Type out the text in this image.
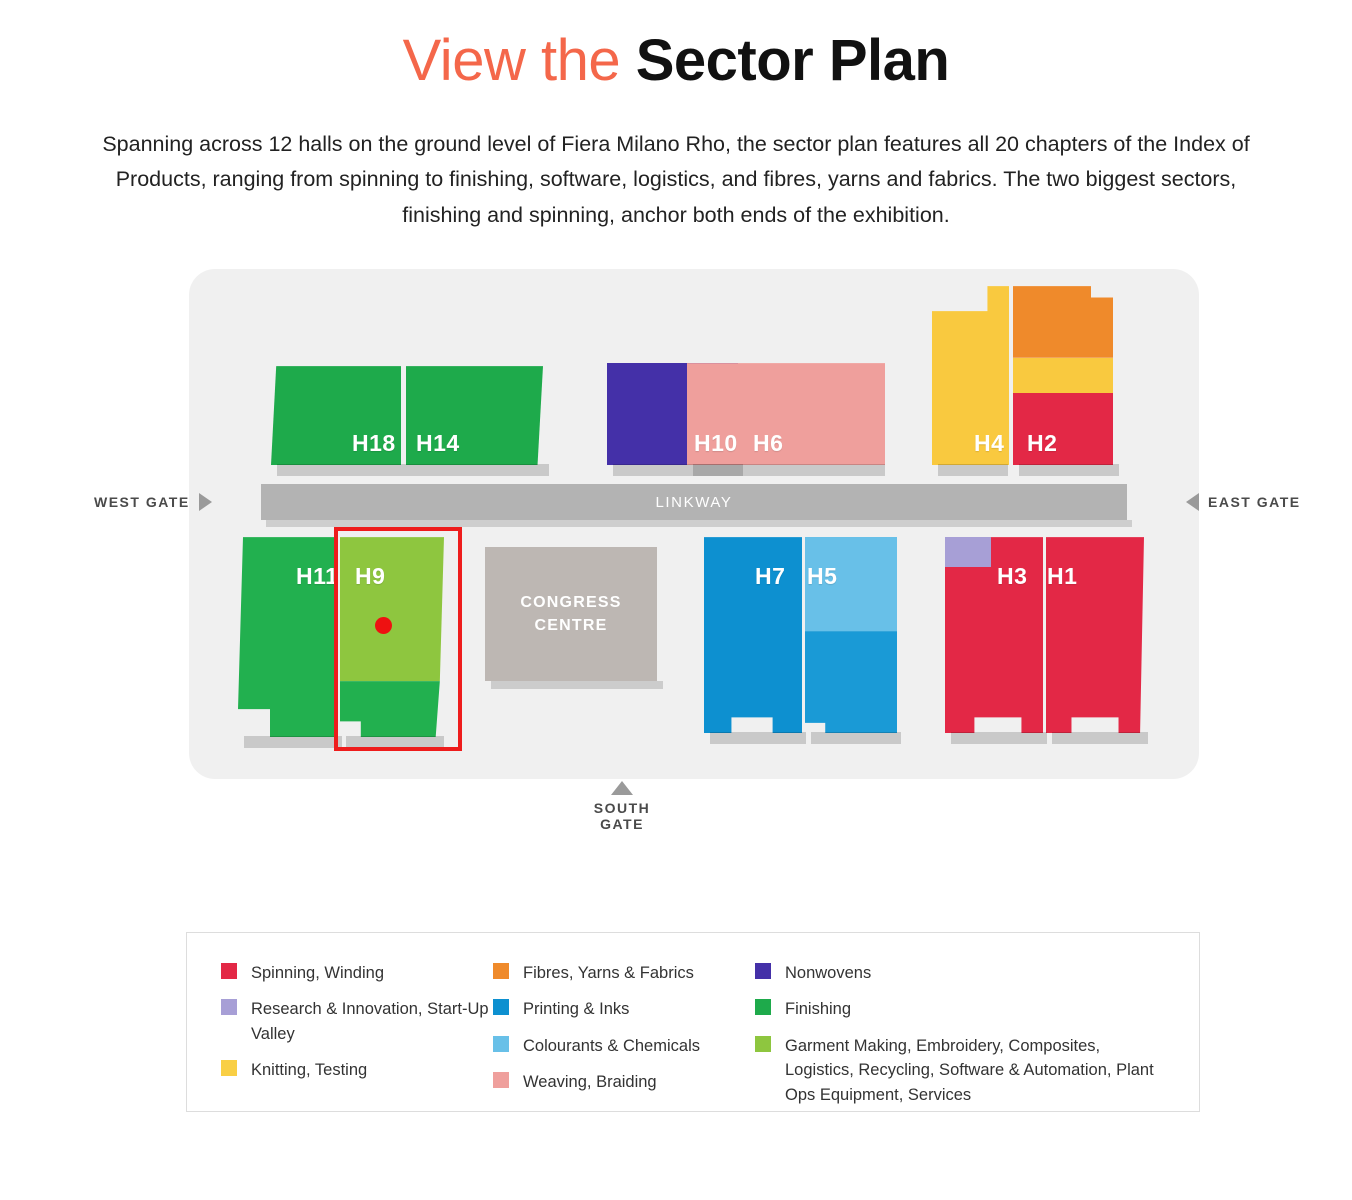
View the Sector Plan

Spanning across 12 halls on the ground level of Fiera Milano Rho, the sector plan features all 20 chapters of the Index of Products, ranging from spinning to finishing, software, logistics, and fibres, yarns and fabrics. The two biggest sectors, finishing and spinning, anchor both ends of the exhibition.

H18 H14	H10 H6	H4 H2
LINKWAY
WEST GATE	EAST GATE
SOUTH GATE
H11 H9
CONGRESS
CENTRE
H7 H5	H3 H1
Spinning, Winding
Research & Innovation, Start-Up Valley
Knitting, Testing
Fibres, Yarns & Fabrics
Printing & Inks
Colourants & Chemicals
Weaving, Braiding
Nonwovens
Finishing
Garment Making, Embroidery, Composites, Logistics, Recycling, Software & Automation, Plant Ops Equipment, Services
